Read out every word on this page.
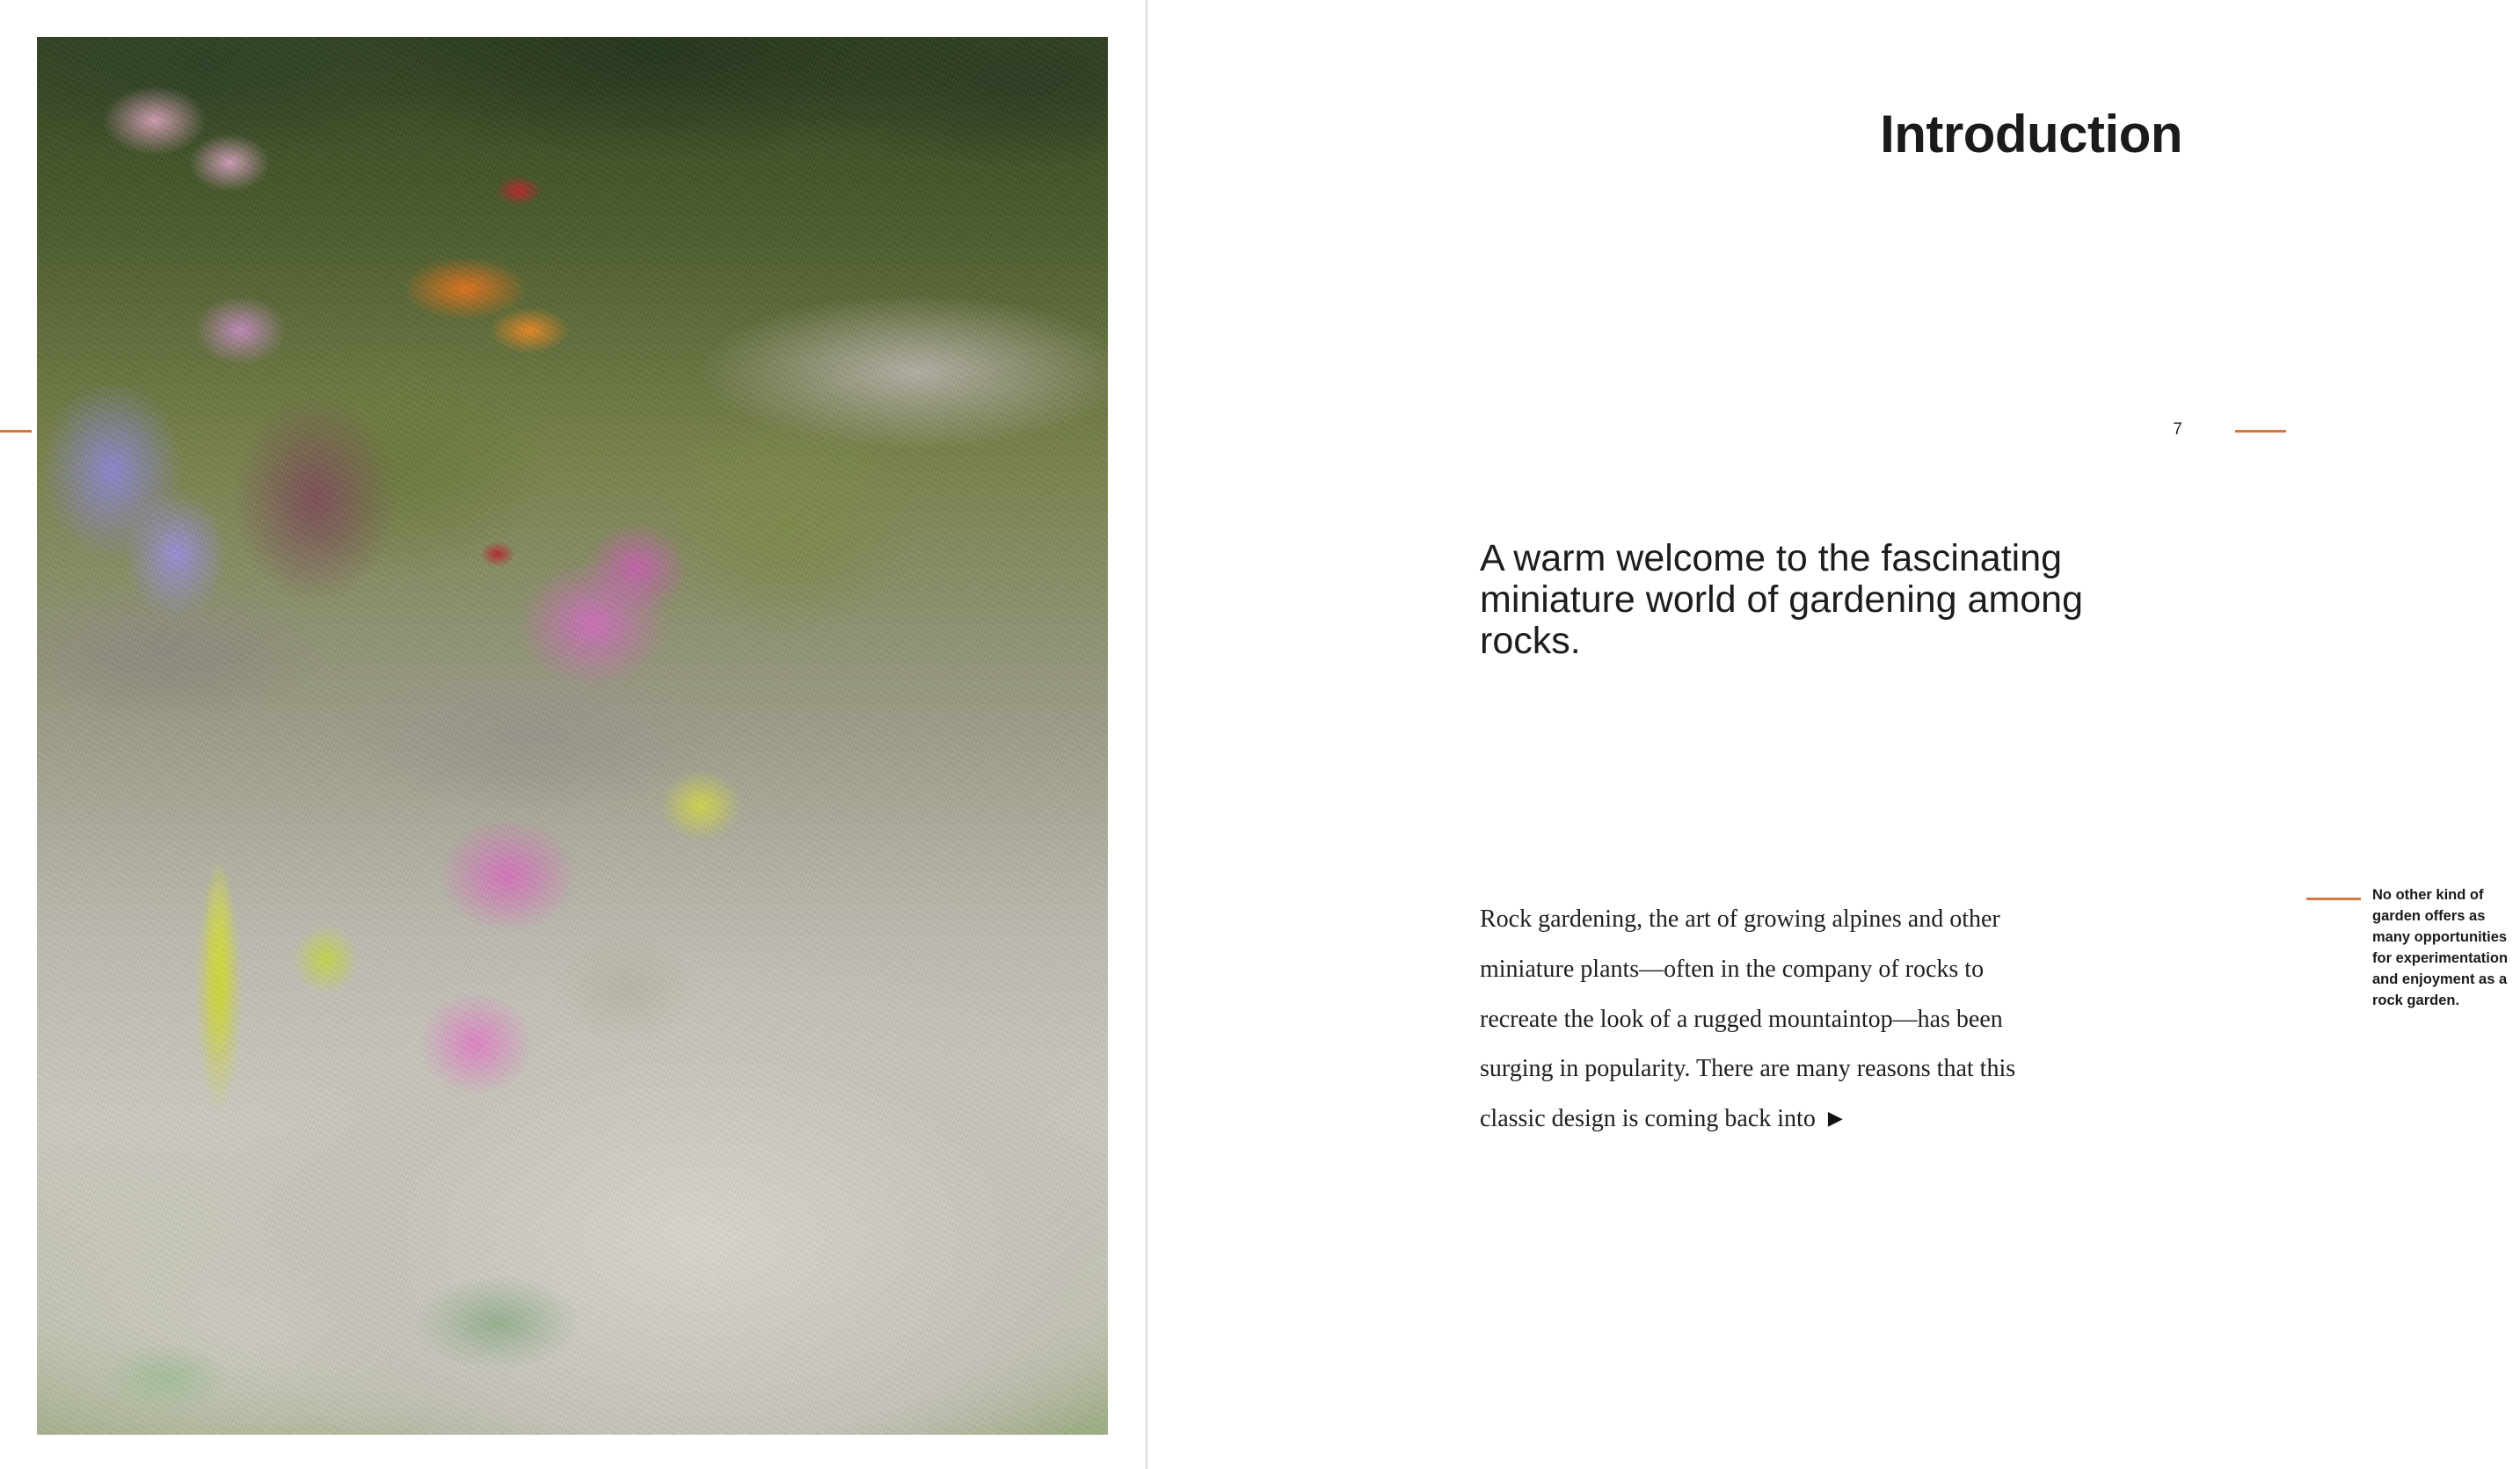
Introduction
7
No other kind of garden offers as many opportunities for experimentation and enjoyment as a rock garden.
A warm welcome to the fascinating miniature world of gardening among rocks.
Rock gardening, the art of growing alpines and other miniature plants—often in the company of rocks to recreate the look of a rugged mountaintop—has been surging in popularity. There are many reasons that this classic design is coming back into ▶
